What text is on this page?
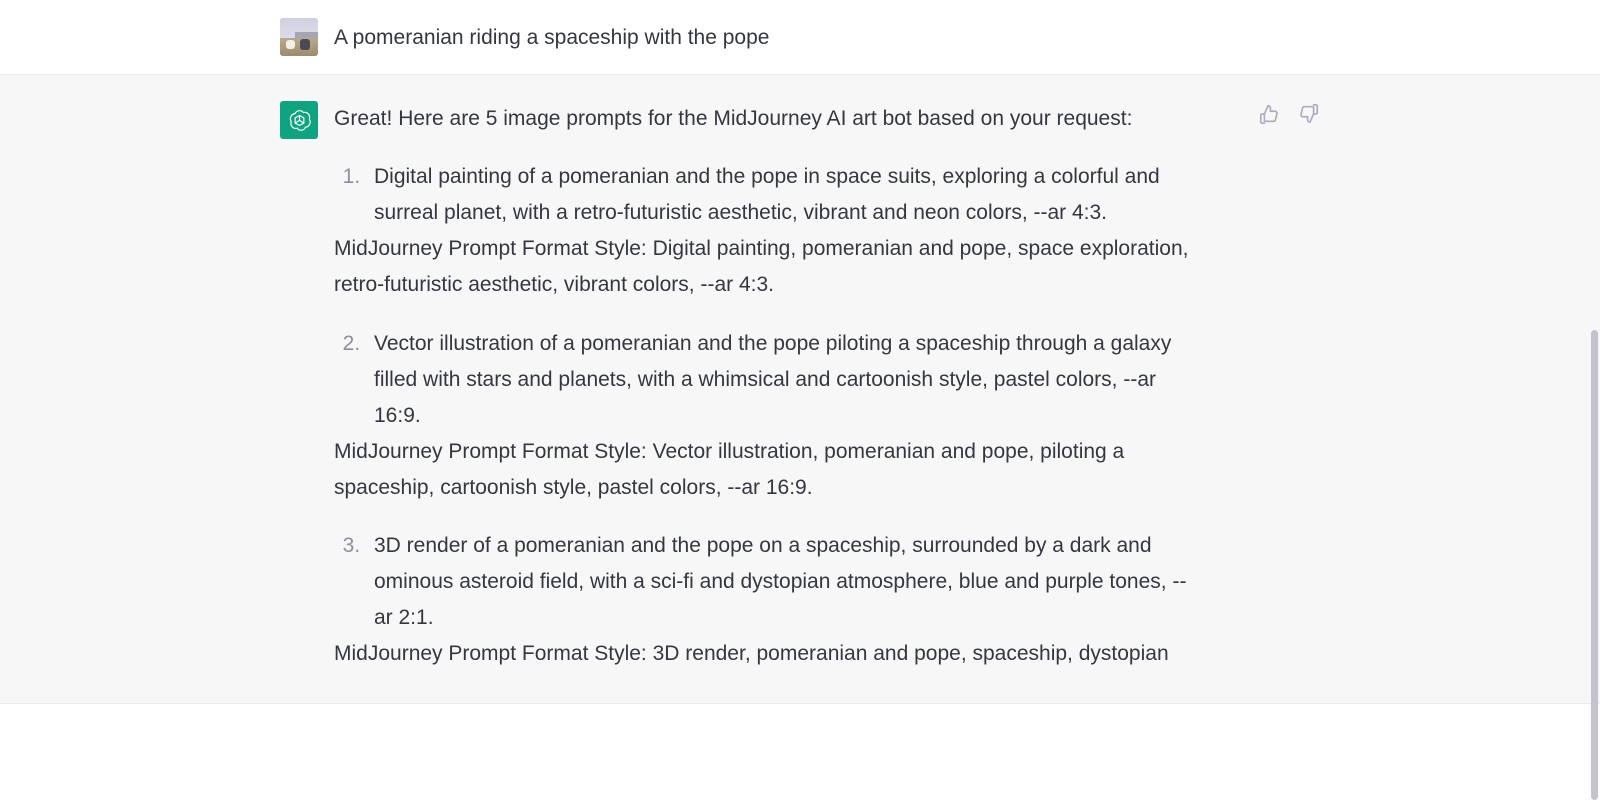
A pomeranian riding a spaceship with the pope

Great! Here are 5 image prompts for the MidJourney AI art bot based on your request:

1. Digital painting of a pomeranian and the pope in space suits, exploring a colorful and surreal planet, with a retro-futuristic aesthetic, vibrant and neon colors, --ar 4:3.

MidJourney Prompt Format Style: Digital painting, pomeranian and pope, space exploration, retro-futuristic aesthetic, vibrant colors, --ar 4:3.

2. Vector illustration of a pomeranian and the pope piloting a spaceship through a galaxy filled with stars and planets, with a whimsical and cartoonish style, pastel colors, --ar 16:9.

MidJourney Prompt Format Style: Vector illustration, pomeranian and pope, piloting a spaceship, cartoonish style, pastel colors, --ar 16:9.

3. 3D render of a pomeranian and the pope on a spaceship, surrounded by a dark and ominous asteroid field, with a sci-fi and dystopian atmosphere, blue and purple tones, --ar 2:1.

MidJourney Prompt Format Style: 3D render, pomeranian and pope, spaceship, dystopian
